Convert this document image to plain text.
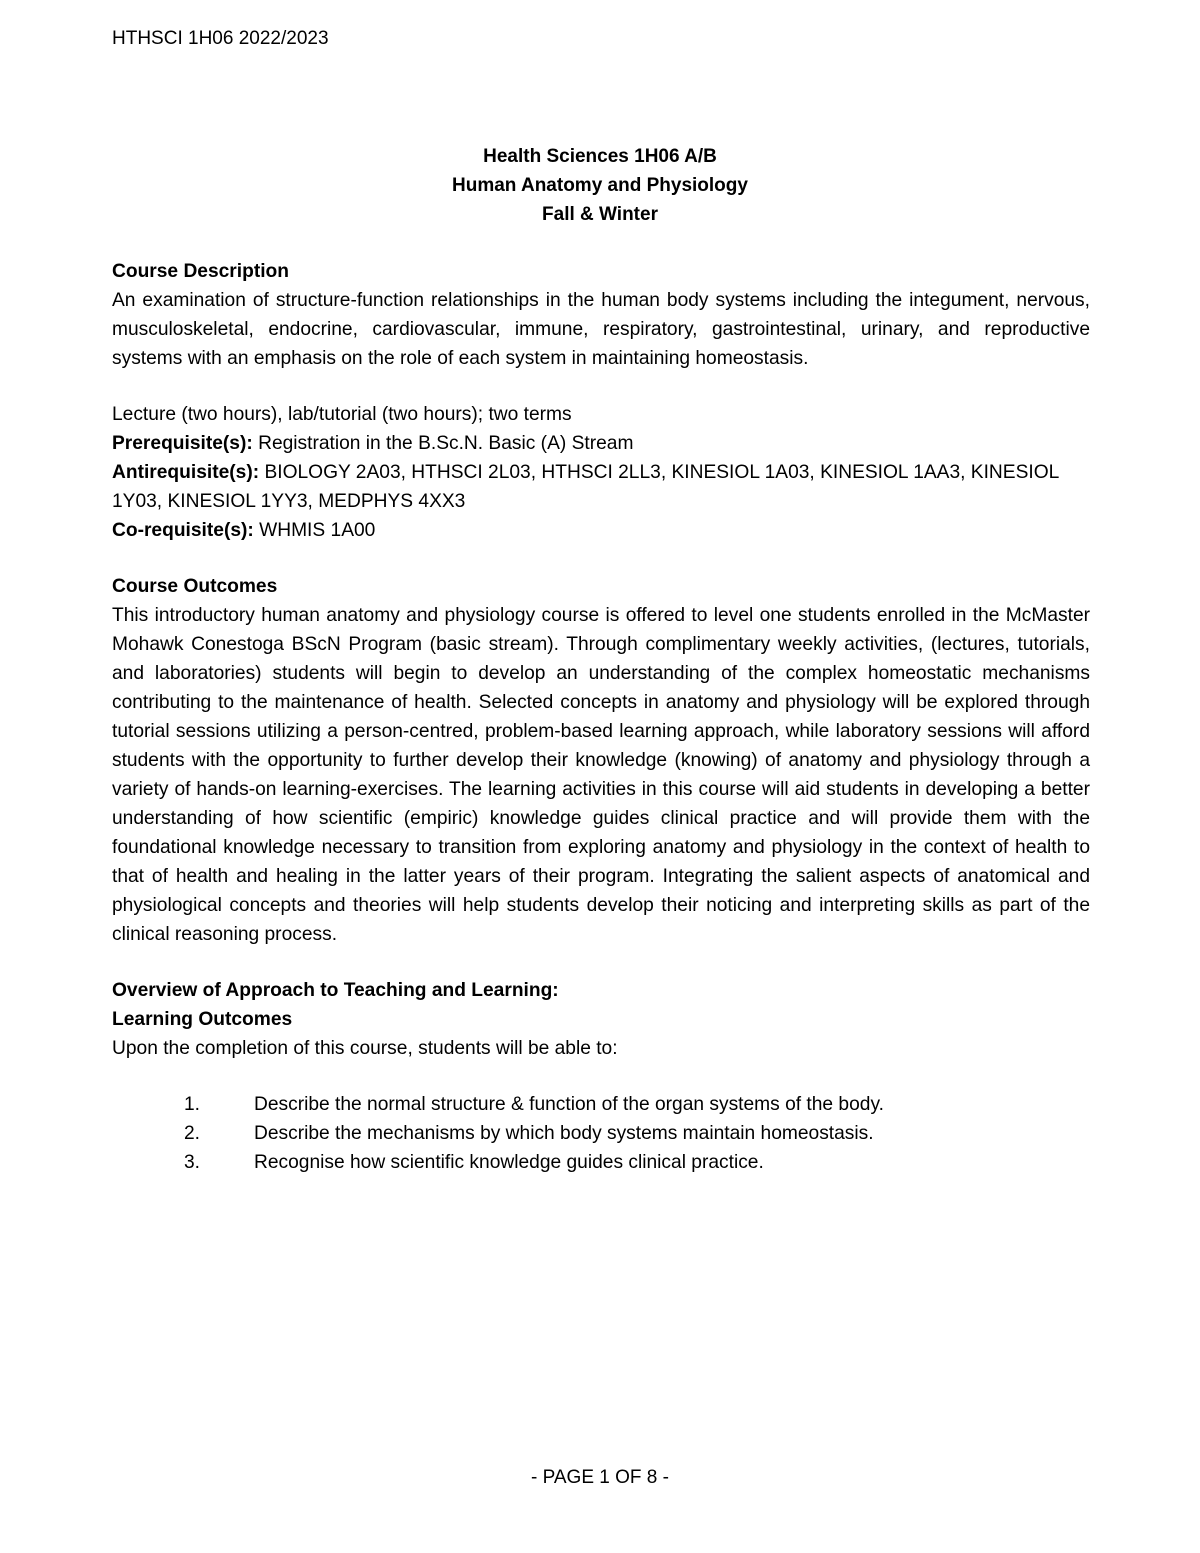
HTHSCI 1H06 2022/2023
Health Sciences 1H06 A/B
Human Anatomy and Physiology
Fall & Winter
Course Description
An examination of structure-function relationships in the human body systems including the integument, nervous, musculoskeletal, endocrine, cardiovascular, immune, respiratory, gastrointestinal, urinary, and reproductive systems with an emphasis on the role of each system in maintaining homeostasis.
Lecture (two hours), lab/tutorial (two hours); two terms
Prerequisite(s): Registration in the B.Sc.N. Basic (A) Stream
Antirequisite(s): BIOLOGY 2A03, HTHSCI 2L03, HTHSCI 2LL3, KINESIOL 1A03, KINESIOL 1AA3, KINESIOL 1Y03, KINESIOL 1YY3, MEDPHYS 4XX3
Co-requisite(s): WHMIS 1A00
Course Outcomes
This introductory human anatomy and physiology course is offered to level one students enrolled in the McMaster Mohawk Conestoga BScN Program (basic stream). Through complimentary weekly activities, (lectures, tutorials, and laboratories) students will begin to develop an understanding of the complex homeostatic mechanisms contributing to the maintenance of health. Selected concepts in anatomy and physiology will be explored through tutorial sessions utilizing a person-centred, problem-based learning approach, while laboratory sessions will afford students with the opportunity to further develop their knowledge (knowing) of anatomy and physiology through a variety of hands-on learning-exercises. The learning activities in this course will aid students in developing a better understanding of how scientific (empiric) knowledge guides clinical practice and will provide them with the foundational knowledge necessary to transition from exploring anatomy and physiology in the context of health to that of health and healing in the latter years of their program. Integrating the salient aspects of anatomical and physiological concepts and theories will help students develop their noticing and interpreting skills as part of the clinical reasoning process.
Overview of Approach to Teaching and Learning:
Learning Outcomes
Upon the completion of this course, students will be able to:
1.	Describe the normal structure & function of the organ systems of the body.
2.	Describe the mechanisms by which body systems maintain homeostasis.
3.	Recognise how scientific knowledge guides clinical practice.
- PAGE 1 OF 8 -
